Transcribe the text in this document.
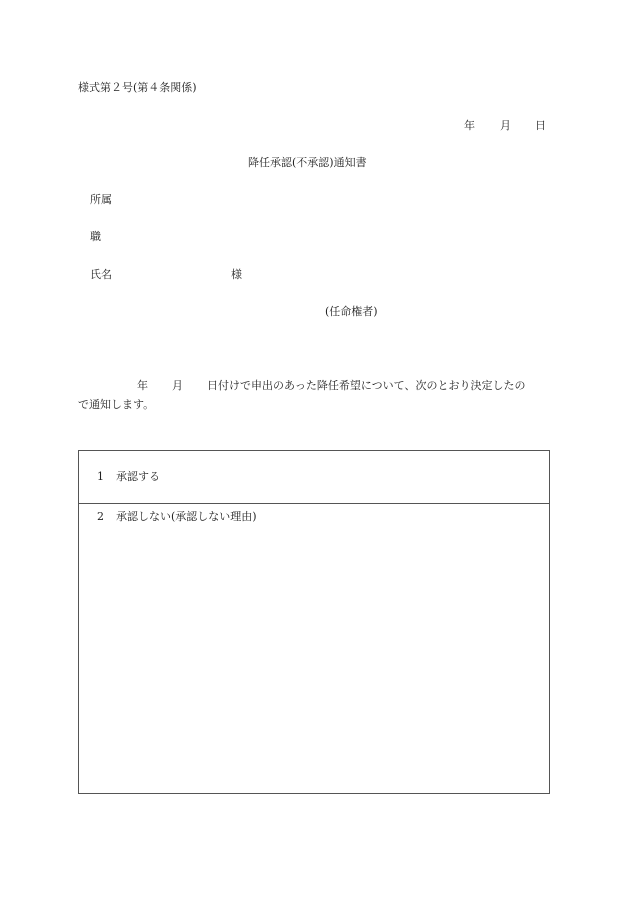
様式第２号(第４条関係)
年 月 日
降任承認(不承認)通知書
所属
職
氏名	様
(任命権者)
年 月 日付けで申出のあった降任希望について、次のとおり決定したの
で通知します。
1 承認する
2 承認しない(承認しない理由)
